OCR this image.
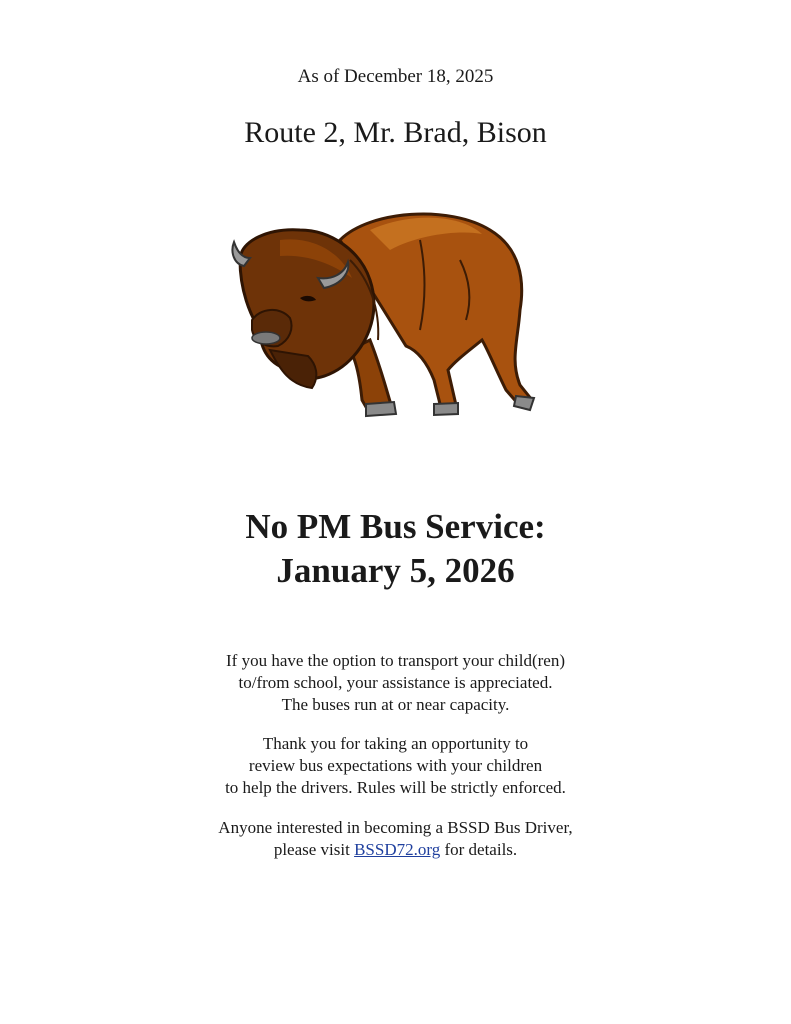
As of December 18, 2025
Route 2, Mr. Brad, Bison
No PM Bus Service:
January 5, 2026
If you have the option to transport your child(ren)
to/from school, your assistance is appreciated.
The buses run at or near capacity.
Thank you for taking an opportunity to
review bus expectations with your children
to help the drivers. Rules will be strictly enforced.
Anyone interested in becoming a BSSD Bus Driver,
please visit BSSD72.org for details.
